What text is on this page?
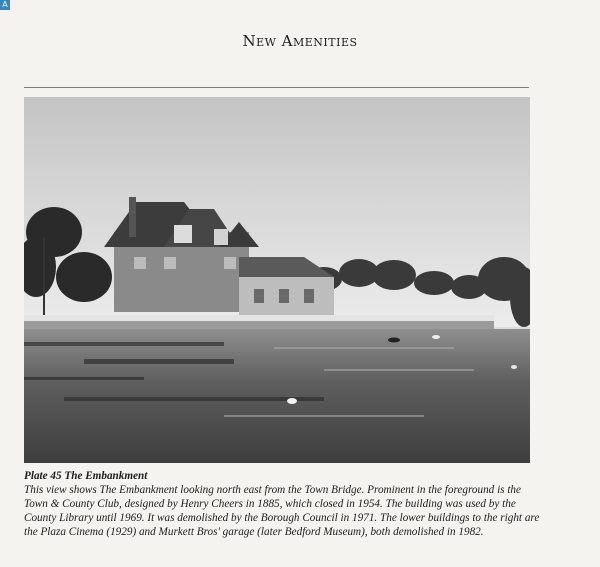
A
New Amenities
Plate 45 The Embankment
This view shows The Embankment looking north east from the Town Bridge. Prominent in the foreground is the Town & County Club, designed by Henry Cheers in 1885, which closed in 1954. The building was used by the County Library until 1969. It was demolished by the Borough Council in 1971. The lower buildings to the right are the Plaza Cinema (1929) and Murkett Bros' garage (later Bedford Museum), both demolished in 1982.
